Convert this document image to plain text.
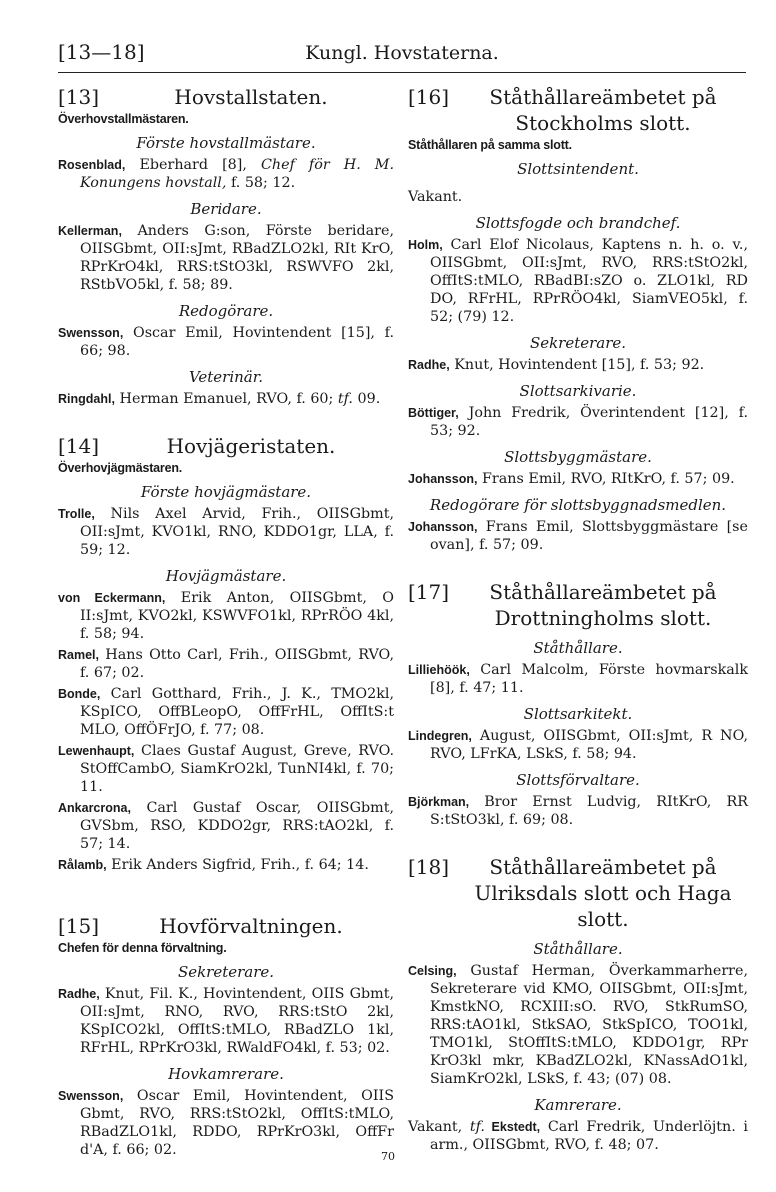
[13—18]	Kungl. Hovstaterna.
[13]	Hovstallstaten.
Överhovstallmästaren.
Förste hovstallmästare.

Rosenblad, Eberhard [8], Chef för H. M. Konungens hovstall, f. 58; 12.

Beridare.

Kellerman, Anders G:son, Förste beridare, OIISGbmt, OII:sJmt, RBadZLO2kl, RIt KrO, RPrKrO4kl, RRS:tStO3kl, RSWVFO 2kl, RStbVO5kl, f. 58; 89.

Redogörare.

Swensson, Oscar Emil, Hovintendent [15], f. 66; 98.

Veterinär.

Ringdahl, Herman Emanuel, RVO, f. 60; tf. 09.

[14]	Hovjägeristaten.
Överhovjägmästaren.
Förste hovjägmästare.

Trolle, Nils Axel Arvid, Frih., OIISGbmt, OII:sJmt, KVO1kl, RNO, KDDO1gr, LLA, f. 59; 12.

Hovjägmästare.

von Eckermann, Erik Anton, OIISGbmt, O II:sJmt, KVO2kl, KSWVFO1kl, RPrRÖO 4kl, f. 58; 94.

Ramel, Hans Otto Carl, Frih., OIISGbmt, RVO, f. 67; 02.

Bonde, Carl Gotthard, Frih., J. K., TMO2kl, KSpICO, OffBLeopO, OffFrHL, OffItS:t MLO, OffÖFrJO, f. 77; 08.

Lewenhaupt, Claes Gustaf August, Greve, RVO. StOffCambO, SiamKrO2kl, TunNI4kl, f. 70; 11.

Ankarcrona, Carl Gustaf Oscar, OIISGbmt, GVSbm, RSO, KDDO2gr, RRS:tAO2kl, f. 57; 14.

Rålamb, Erik Anders Sigfrid, Frih., f. 64; 14.

[15]	Hovförvaltningen.
Chefen för denna förvaltning.
Sekreterare.

Radhe, Knut, Fil. K., Hovintendent, OIIS Gbmt, OII:sJmt, RNO, RVO, RRS:tStO 2kl, KSpICO2kl, OffItS:tMLO, RBadZLO 1kl, RFrHL, RPrKrO3kl, RWaldFO4kl, f. 53; 02.

Hovkamrerare.

Swensson, Oscar Emil, Hovintendent, OIIS Gbmt, RVO, RRS:tStO2kl, OffItS:tMLO, RBadZLO1kl, RDDO, RPrKrO3kl, OffFr d'A, f. 66; 02.

[16]	Ståthållareämbetet på Stockholms slott.
Ståthållaren på samma slott.
Slottsintendent.
Vakant.
Slottsfogde och brandchef.

Holm, Carl Elof Nicolaus, Kaptens n. h. o. v., OIISGbmt, OII:sJmt, RVO, RRS:tStO2kl, OffItS:tMLO, RBadBI:sZO o. ZLO1kl, RD DO, RFrHL, RPrRÖO4kl, SiamVEO5kl, f. 52; (79) 12.

Sekreterare.

Radhe, Knut, Hovintendent [15], f. 53; 92.

Slottsarkivarie.

Böttiger, John Fredrik, Överintendent [12], f. 53; 92.

Slottsbyggmästare.

Johansson, Frans Emil, RVO, RItKrO, f. 57; 09.

Redogörare för slottsbyggnadsmedlen.

Johansson, Frans Emil, Slottsbyggmästare [se ovan], f. 57; 09.

[17]	Ståthållareämbetet på Drottningholms slott.
Ståthållare.

Lilliehöök, Carl Malcolm, Förste hovmarskalk [8], f. 47; 11.

Slottsarkitekt.

Lindegren, August, OIISGbmt, OII:sJmt, R NO, RVO, LFrKA, LSkS, f. 58; 94.

Slottsförvaltare.

Björkman, Bror Ernst Ludvig, RItKrO, RR S:tStO3kl, f. 69; 08.

[18]	Ståthållareämbetet på Ulriksdals slott och Haga slott.
Ståthållare.

Celsing, Gustaf Herman, Överkammarherre, Sekreterare vid KMO, OIISGbmt, OII:sJmt, KmstkNO, RCXIII:sO. RVO, StkRumSO, RRS:tAO1kl, StkSAO, StkSpICO, TOO1kl, TMO1kl, StOffItS:tMLO, KDDO1gr, RPr KrO3kl mkr, KBadZLO2kl, KNassAdO1kl, SiamKrO2kl, LSkS, f. 43; (07) 08.

Kamrerare.

Vakant, tf. Ekstedt, Carl Fredrik, Underlöjtn. i arm., OIISGbmt, RVO, f. 48; 07.

70
